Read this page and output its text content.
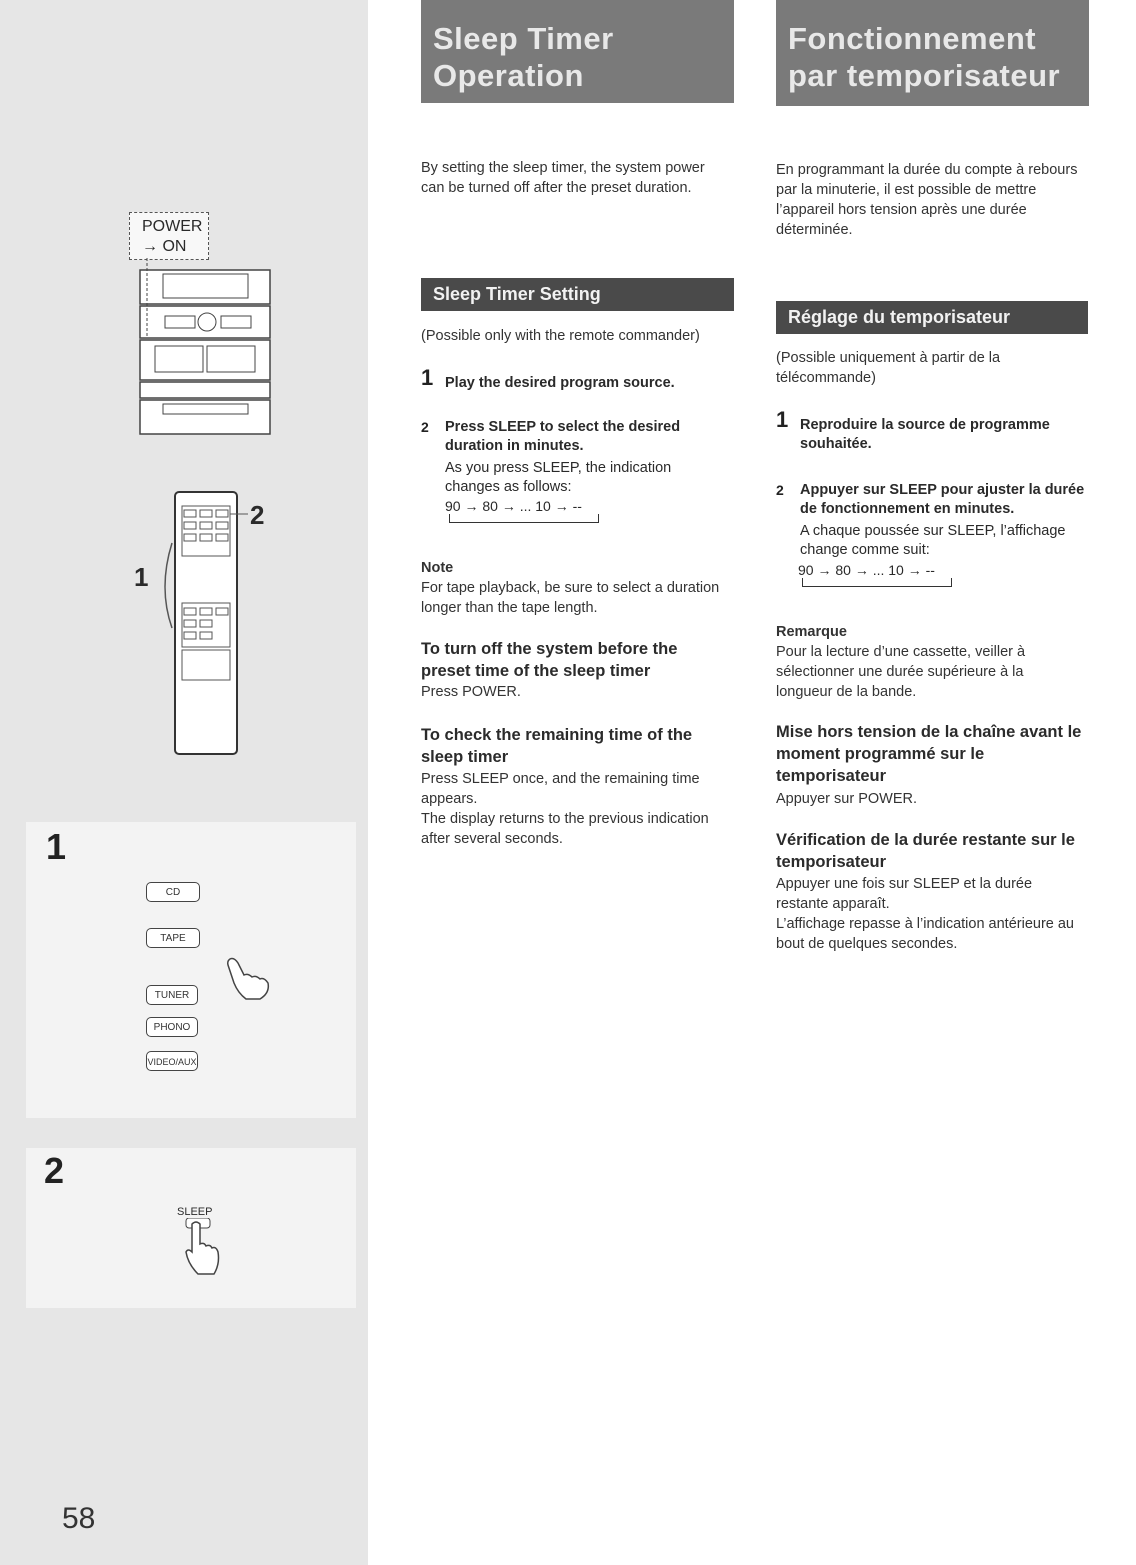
POWER
→ ON
2
1
1
CD
TAPE
TUNER
PHONO
VIDEO/AUX
2
SLEEP
58
Sleep Timer
Operation
By setting the sleep timer, the system power can be turned off after the preset duration.
Sleep Timer Setting
(Possible only with the remote commander)
1 Play the desired program source.
2 Press SLEEP to select the desired duration in minutes.
As you press SLEEP, the indication changes as follows:
90 → 80 → ... 10 → --
Note
For tape playback, be sure to select a duration longer than the tape length.
To turn off the system before the preset time of the sleep timer
Press POWER.
To check the remaining time of the sleep timer
Press SLEEP once, and the remaining time appears.
The display returns to the previous indication after several seconds.
Fonctionnement
par temporisateur
En programmant la durée du compte à rebours par la minuterie, il est possible de mettre l’appareil hors tension après une durée déterminée.
Réglage du temporisateur
(Possible uniquement à partir de la télécommande)
1 Reproduire la source de programme souhaitée.
2 Appuyer sur SLEEP pour ajuster la durée de fonctionnement en minutes.
A chaque poussée sur SLEEP, l’affichage change comme suit:
90 → 80 → ... 10 → --
Remarque
Pour la lecture d’une cassette, veiller à sélectionner une durée supérieure à la longueur de la bande.
Mise hors tension de la chaîne avant le moment programmé sur le temporisateur
Appuyer sur POWER.
Vérification de la durée restante sur le temporisateur
Appuyer une fois sur SLEEP et la durée restante apparaît.
L’affichage repasse à l’indication antérieure au bout de quelques secondes.
